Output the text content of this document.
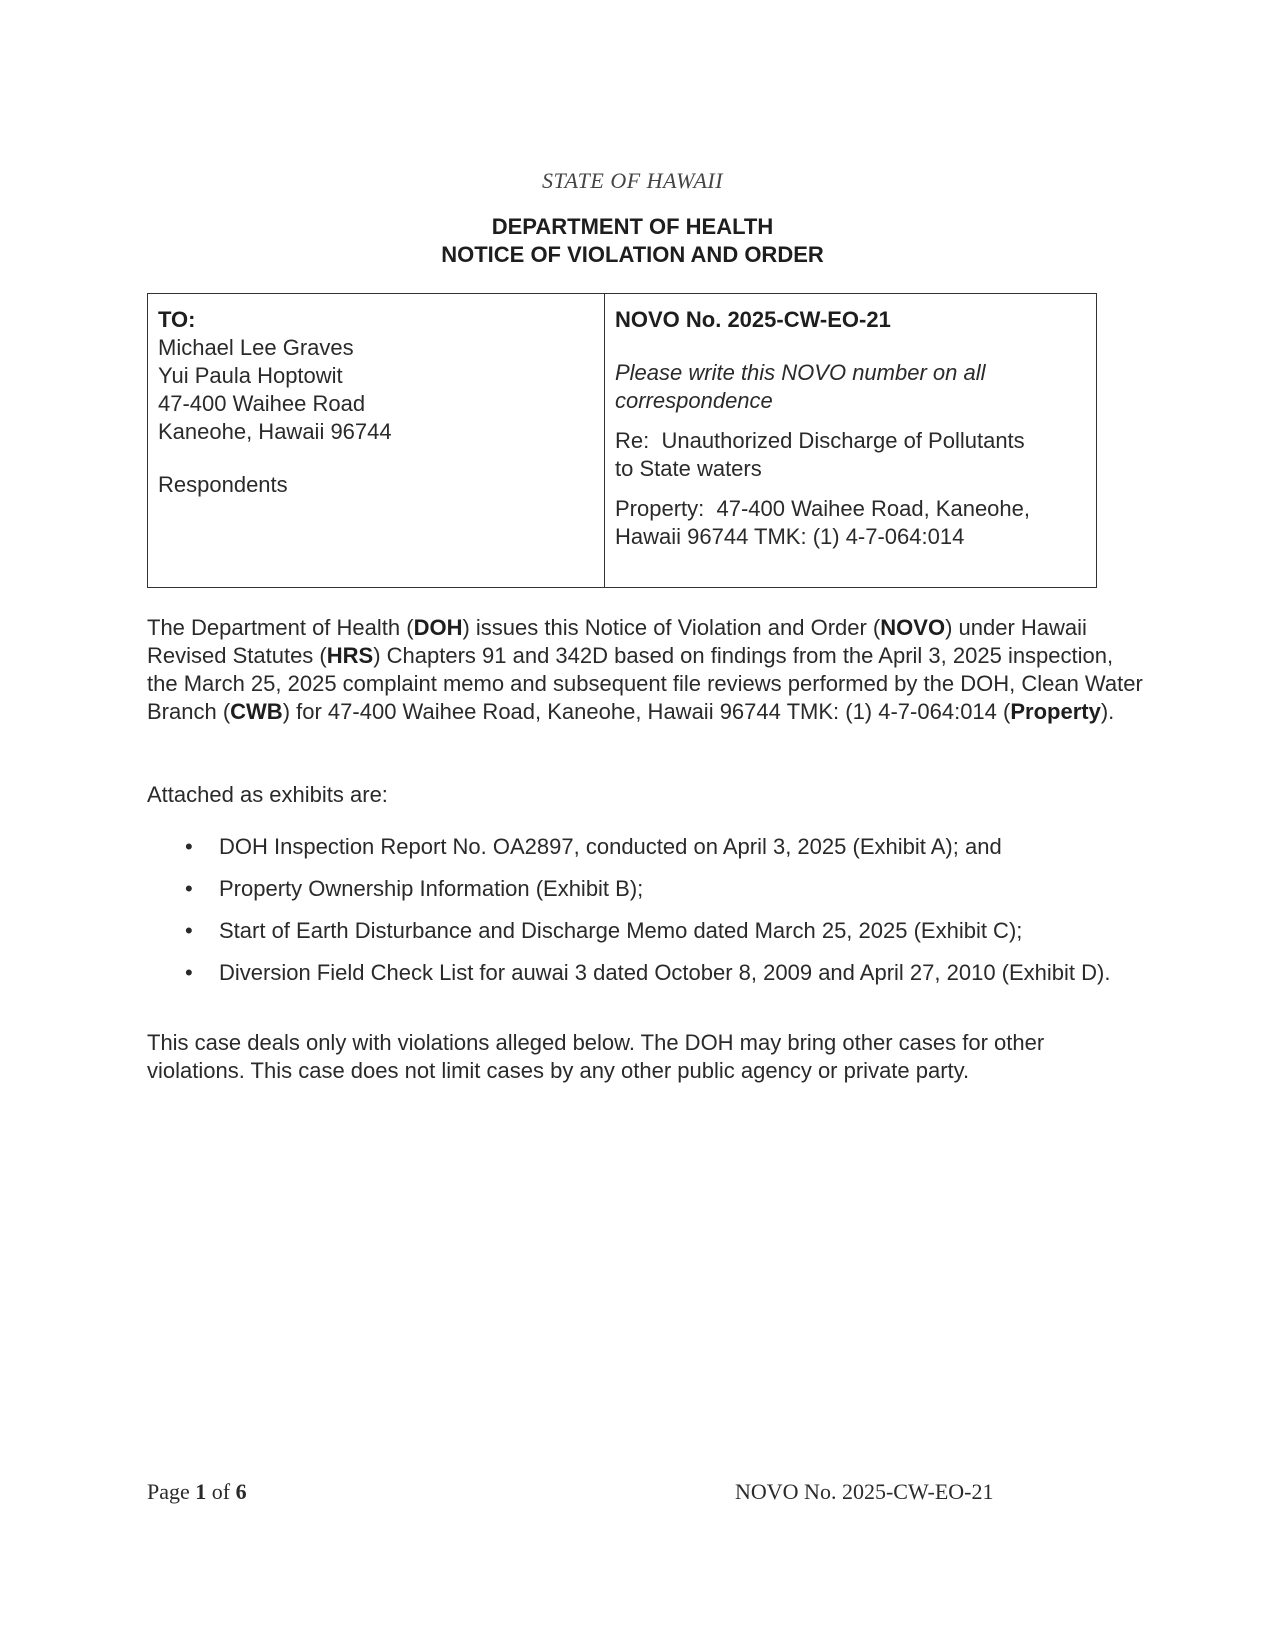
STATE OF HAWAII
DEPARTMENT OF HEALTH
NOTICE OF VIOLATION AND ORDER
TO:
Michael Lee Graves
Yui Paula Hoptowit
47-400 Waihee Road
Kaneohe, Hawaii 96744
Respondents
NOVO No. 2025-CW-EO-21
Please write this NOVO number on all
correspondence
Re:  Unauthorized Discharge of Pollutants
to State waters
Property:  47-400 Waihee Road, Kaneohe,
Hawaii 96744 TMK: (1) 4-7-064:014
The Department of Health (DOH) issues this Notice of Violation and Order (NOVO) under Hawaii Revised Statutes (HRS) Chapters 91 and 342D based on findings from the April 3, 2025 inspection, the March 25, 2025 complaint memo and subsequent file reviews performed by the DOH, Clean Water Branch (CWB) for 47-400 Waihee Road, Kaneohe, Hawaii 96744 TMK: (1) 4-7-064:014 (Property).
Attached as exhibits are:
•	DOH Inspection Report No. OA2897, conducted on April 3, 2025 (Exhibit A); and
•	Property Ownership Information (Exhibit B);
•	Start of Earth Disturbance and Discharge Memo dated March 25, 2025 (Exhibit C);
•	Diversion Field Check List for auwai 3 dated October 8, 2009 and April 27, 2010 (Exhibit D).
This case deals only with violations alleged below. The DOH may bring other cases for other violations. This case does not limit cases by any other public agency or private party.
Page 1 of 6	NOVO No. 2025-CW-EO-21
